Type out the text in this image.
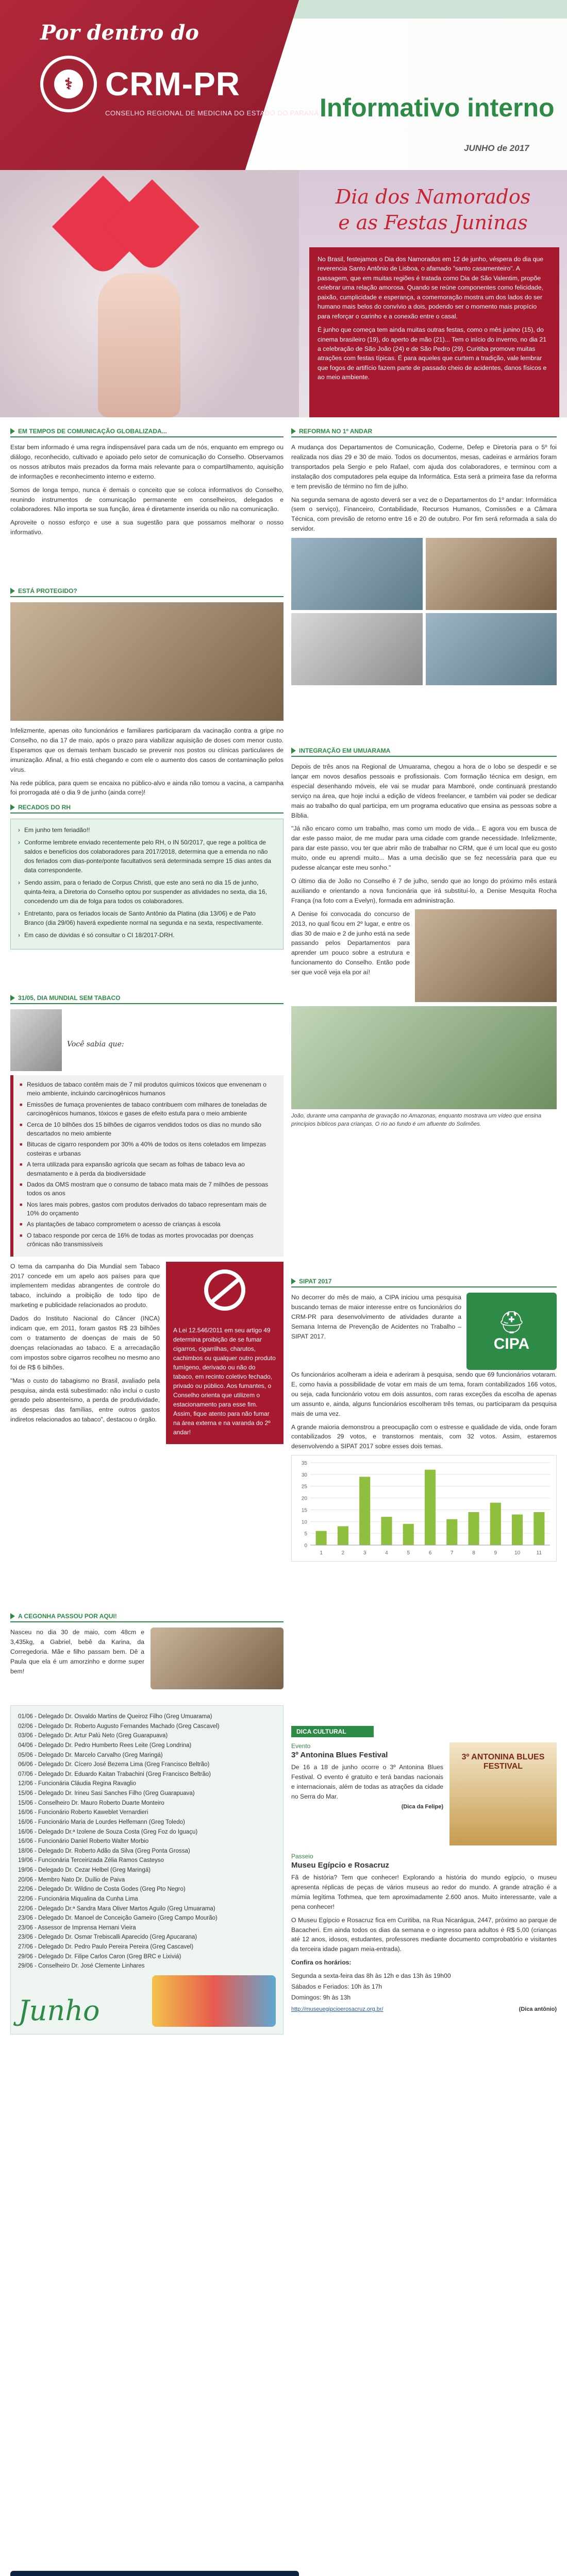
Por dentro do
⚕ CRM-PR
CONSELHO REGIONAL DE MEDICINA DO ESTADO DO PARANÁ Informativo interno
JUNHO de 2017
Dia dos Namorados
e as Festas Juninas

No Brasil, festejamos o Dia dos Namorados em 12 de junho, véspera do dia que reverencia Santo Antônio de Lisboa, o afamado "santo casamenteiro". A passagem, que em muitas regiões é tratada como Dia de São Valentim, propõe celebrar uma relação amorosa. Quando se reúne componentes como felicidade, paixão, cumplicidade e esperança, a comemoração mostra um dos lados do ser humano mais belos do convívio a dois, podendo ser o momento mais propício para reforçar o carinho e a conexão entre o casal.

É junho que começa tem ainda muitas outras festas, como o mês junino (15), do cinema brasileiro (19), do aperto de mão (21)... Tem o início do inverno, no dia 21 a celebração de São João (24) e de São Pedro (29). Curitiba promove muitas atrações com festas típicas. É para aqueles que curtem a tradição, vale lembrar que fogos de artifício fazem parte de passado cheio de acidentes, danos físicos e ao meio ambiente.

EM TEMPOS DE COMUNICAÇÃO GLOBALIZADA...

Estar bem informado é uma regra indispensável para cada um de nós, enquanto em emprego ou diálogo, reconhecido, cultivado e apoiado pelo setor de comunicação do Conselho. Observamos os nossos atributos mais prezados da forma mais relevante para o compartilhamento, aquisição de informações e reconhecimento interno e externo.

Somos de longa tempo, nunca é demais o conceito que se coloca informativos do Conselho, reunindo instrumentos de comunicação permanente em conselheiros, delegados e colaboradores. Não importa se sua função, área é diretamente inserida ou não na comunicação.

Aproveite o nosso esforço e use a sua sugestão para que possamos melhorar o nosso informativo.

ESTÁ PROTEGIDO?

Infelizmente, apenas oito funcionários e familiares participaram da vacinação contra a gripe no Conselho, no dia 17 de maio, após o prazo para viabilizar aquisição de doses com menor custo. Esperamos que os demais tenham buscado se prevenir nos postos ou clínicas particulares de imunização. Afinal, a frio está chegando e com ele o aumento dos casos de contaminação pelos vírus.

Na rede pública, para quem se encaixa no público-alvo e ainda não tomou a vacina, a campanha foi prorrogada até o dia 9 de junho (ainda corre)!

RECADOS DO RH
› Em junho tem feriadão!!
› Conforme lembrete enviado recentemente pelo RH, o IN 50/2017, que rege a política de saldos e benefícios dos colaboradores para 2017/2018, determina que a emenda no não dos feriados com dias-ponte/ponte facultativos será determinada sempre 15 dias antes da data correspondente.
› Sendo assim, para o feriado de Corpus Christi, que este ano será no dia 15 de junho, quinta-feira, a Diretoria do Conselho optou por suspender as atividades no sexta, dia 16, concedendo um dia de folga para todos os colaboradores.
› Entretanto, para os feriados locais de Santo Antônio da Platina (dia 13/06) e de Pato Branco (dia 29/06) haverá expediente normal na segunda e na sexta, respectivamente.
› Em caso de dúvidas é só consultar o CI 18/2017-DRH.
31/05, DIA MUNDIAL SEM TABACO
Você sabia que:
■ Resíduos de tabaco contêm mais de 7 mil produtos químicos tóxicos que envenenam o meio ambiente, incluindo carcinogênicos humanos
■ Emissões de fumaça provenientes de tabaco contribuem com milhares de toneladas de carcinogênicos humanos, tóxicos e gases de efeito estufa para o meio ambiente
■ Cerca de 10 bilhões dos 15 bilhões de cigarros vendidos todos os dias no mundo são descartados no meio ambiente
■ Bitucas de cigarro respondem por 30% a 40% de todos os itens coletados em limpezas costeiras e urbanas
■ A terra utilizada para expansão agrícola que secam as folhas de tabaco leva ao desmatamento e à perda da biodiversidade
■ Dados da OMS mostram que o consumo de tabaco mata mais de 7 milhões de pessoas todos os anos
■ Nos lares mais pobres, gastos com produtos derivados do tabaco representam mais de 10% do orçamento
■ As plantações de tabaco comprometem o acesso de crianças à escola
■ O tabaco responde por cerca de 16% de todas as mortes provocadas por doenças crônicas não transmissíveis

O tema da campanha do Dia Mundial sem Tabaco 2017 concede em um apelo aos países para que implementem medidas abrangentes de controle do tabaco, incluindo a proibição de todo tipo de marketing e publicidade relacionados ao produto.

Dados do Instituto Nacional do Câncer (INCA) indicam que, em 2011, foram gastos R$ 23 bilhões com o tratamento de doenças de mais de 50 doenças relacionadas ao tabaco. E a arrecadação com impostos sobre cigarros recolheu no mesmo ano foi de R$ 6 bilhões.

"Mas o custo do tabagismo no Brasil, avaliado pela pesquisa, ainda está subestimado: não inclui o custo gerado pelo absenteísmo, a perda de produtividade, as despesas das famílias, entre outros gastos indiretos relacionados ao tabaco", destacou o órgão.

A Lei 12.546/2011 em seu artigo 49 determina proibição de se fumar cigarros, cigarrilhas, charutos, cachimbos ou qualquer outro produto fumígeno, derivado ou não do tabaco, em recinto coletivo fechado, privado ou público. Aos fumantes, o Conselho orienta que utilizem o estacionamento para esse fim. Assim, fique atento para não fumar na área externa e na varanda do 2º andar!
A CEGONHA PASSOU POR AQUI!
Nasceu no dia 30 de maio, com 48cm e 3,435kg, a Gabriel, bebê da Karina, da Corregedoria. Mãe e filho passam bem. Dê a Paula que ela é um amorzinho e dorme super bem!
01/06 - Delegado Dr. Osvaldo Martins de Queiroz Filho (Greg Umuarama)
02/06 - Delegado Dr. Roberto Augusto Fernandes Machado (Greg Cascavel)
03/06 - Delegado Dr. Artur Palú Neto (Greg Guarapuava)
04/06 - Delegado Dr. Pedro Humberto Rees Leite (Greg Londrina)
05/06 - Delegado Dr. Marcelo Carvalho (Greg Maringá)
06/06 - Delegado Dr. Cícero José Bezerra Lima (Greg Francisco Beltrão)
07/06 - Delegado Dr. Eduardo Kaitan Trabachini (Greg Francisco Beltrão)
12/06 - Funcionária Cláudia Regina Ravaglio
15/06 - Delegado Dr. Irineu Sasi Sanches Filho (Greg Guarapuava)
15/06 - Conselheiro Dr. Mauro Roberto Duarte Monteiro
16/06 - Funcionário Roberto Kaweblet Vernardieri
16/06 - Funcionário Maria de Lourdes Helfemann (Greg Toledo)
16/06 - Delegado Dr.ª Izolene de Souza Costa (Greg Foz do Iguaçu)
16/06 - Funcionário Daniel Roberto Walter Morbio
18/06 - Delegado Dr. Roberto Adão da Silva (Greg Ponta Grossa)
19/06 - Funcionária Terceirizada Zélia Ramos Casteyso
19/06 - Delegado Dr. Cezar Helbel (Greg Maringá)
20/06 - Membro Nato Dr. Duílio de Paiva
22/06 - Delegado Dr. Wildino de Costa Godes (Greg Pto Negro)
22/06 - Funcionária Miqualina da Cunha Lima
22/06 - Delegado Dr.ª Sandra Mara Oliver Martos Aguilo (Greg Umuarama)
23/06 - Delegado Dr. Manoel de Conceição Gameiro (Greg Campo Mourão)
23/06 - Assessor de Imprensa Hernani Vieira
23/06 - Delegado Dr. Osmar Trebiscalli Aparecido (Greg Apucarana)
27/06 - Delegado Dr. Pedro Paulo Pereira Pereira (Greg Cascavel)
29/06 - Delegado Dr. Filipe Carlos Caron (Greg BRC e Lixiviá)
29/06 - Conselheiro Dr. José Clemente Linhares
Junho
REFORMA NO 1º ANDAR

A mudança dos Departamentos de Comunicação, Coderne, Defep e Diretoria para o 5º foi realizada nos dias 29 e 30 de maio. Todos os documentos, mesas, cadeiras e armários foram transportados pela Sergio e pelo Rafael, com ajuda dos colaboradores, e terminou com a instalação dos computadores pela equipe da Informática. Esta será a primeira fase da reforma e tem previsão de término no fim de julho.

Na segunda semana de agosto deverá ser a vez de o Departamentos do 1º andar: Informática (sem o serviço), Financeiro, Contabilidade, Recursos Humanos, Comissões e a Câmara Técnica, com previsão de retorno entre 16 e 20 de outubro. Por fim será reformada a sala do servidor.

INTEGRAÇÃO EM UMUARAMA

Depois de três anos na Regional de Umuarama, chegou a hora de o lobo se despedir e se lançar em novos desafios pessoais e profissionais. Com formação técnica em design, em especial desenhando móveis, ele vai se mudar para Mamboré, onde continuará prestando serviço na área, que hoje inclui a edição de vídeos freelancer, e também vai poder se dedicar mais ao trabalho do qual participa, em um programa educativo que ensina as pessoas sobre a Bíblia.

"Já não encaro como um trabalho, mas como um modo de vida... E agora vou em busca de dar este passo maior, de me mudar para uma cidade com grande necessidade. Infelizmente, para dar este passo, vou ter que abrir mão de trabalhar no CRM, que é um local que eu gosto muito, onde eu aprendi muito... Mas a uma decisão que se fez necessária para que eu pudesse alcançar este meu sonho."

O último dia de João no Conselho é 7 de julho, sendo que ao longo do próximo mês estará auxiliando e orientando a nova funcionária que irá substituí-lo, a Denise Mesquita Rocha França (na foto com a Evelyn), formada em administração.

A Denise foi convocada do concurso de 2013, no qual ficou em 2º lugar, e entre os dias 30 de maio e 2 de junho está na sede passando pelos Departamentos para aprender um pouco sobre a estrutura e funcionamento do Conselho. Então pode ser que você veja ela por aí!
João, durante uma campanha de gravação no Amazonas, enquanto mostrava um vídeo que ensina princípios bíblicos para crianças. O rio ao fundo é um afluente do Solimões.
SIPAT 2017

No decorrer do mês de maio, a CIPA iniciou uma pesquisa buscando temas de maior interesse entre os funcionários do CRM-PR para desenvolvimento de atividades durante a Semana Interna de Prevenção de Acidentes no Trabalho – SIPAT 2017.

⛑
CIPA

Os funcionários acolheram a ideia e aderiram à pesquisa, sendo que 69 funcionários votaram. E, como havia a possibilidade de votar em mais de um tema, foram contabilizados 166 votos, ou seja, cada funcionário votou em dois assuntos, com raras exceções da escolha de apenas um assunto e, ainda, alguns funcionários escolheram três temas, ou participaram da pesquisa mais de uma vez.

A grande maioria demonstrou a preocupação com o estresse e qualidade de vida, onde foram contabilizados 29 votos, e transtornos mentais, com 32 votos. Assim, estaremos desenvolvendo a SIPAT 2017 sobre esses dois temas.

0
5
10
15
20
25
30
35
1	2	3	4	5	6	7	8	9	10	11
DICA CULTURAL
Evento
3º Antonina Blues Festival
De 16 a 18 de junho ocorre o 3º Antonina Blues Festival. O evento é gratuito e terá bandas nacionais e internacionais, além de todas as atrações da cidade no Serra do Mar.
(Dica da Felipe)
3º ANTONINA BLUES FESTIVAL
Passeio
Museu Egípcio e Rosacruz

Fã de história? Tem que conhecer! Explorando a história do mundo egípcio, o museu apresenta réplicas de peças de vários museus ao redor do mundo. A grande atração é a múmia legítima Tothmea, que tem aproximadamente 2.600 anos. Muito interessante, vale a pena conhecer!

O Museu Egípcio e Rosacruz fica em Curitiba, na Rua Nicarágua, 2447, próximo ao parque de Bacacheri. Em ainda todos os dias da semana e o ingresso para adultos é R$ 5,00 (crianças até 12 anos, idosos, estudantes, professores mediante documento comprobatório e visitantes da terceira idade pagam meia-entrada).

Confira os horários:

Segunda a sexta-feira das 8h às 12h e das 13h às 19h00

Sábados e Feriados: 10h às 17h

Domingos: 9h às 13h

http://museuegipcioerosacruz.org.br/	(Dica antônio)
